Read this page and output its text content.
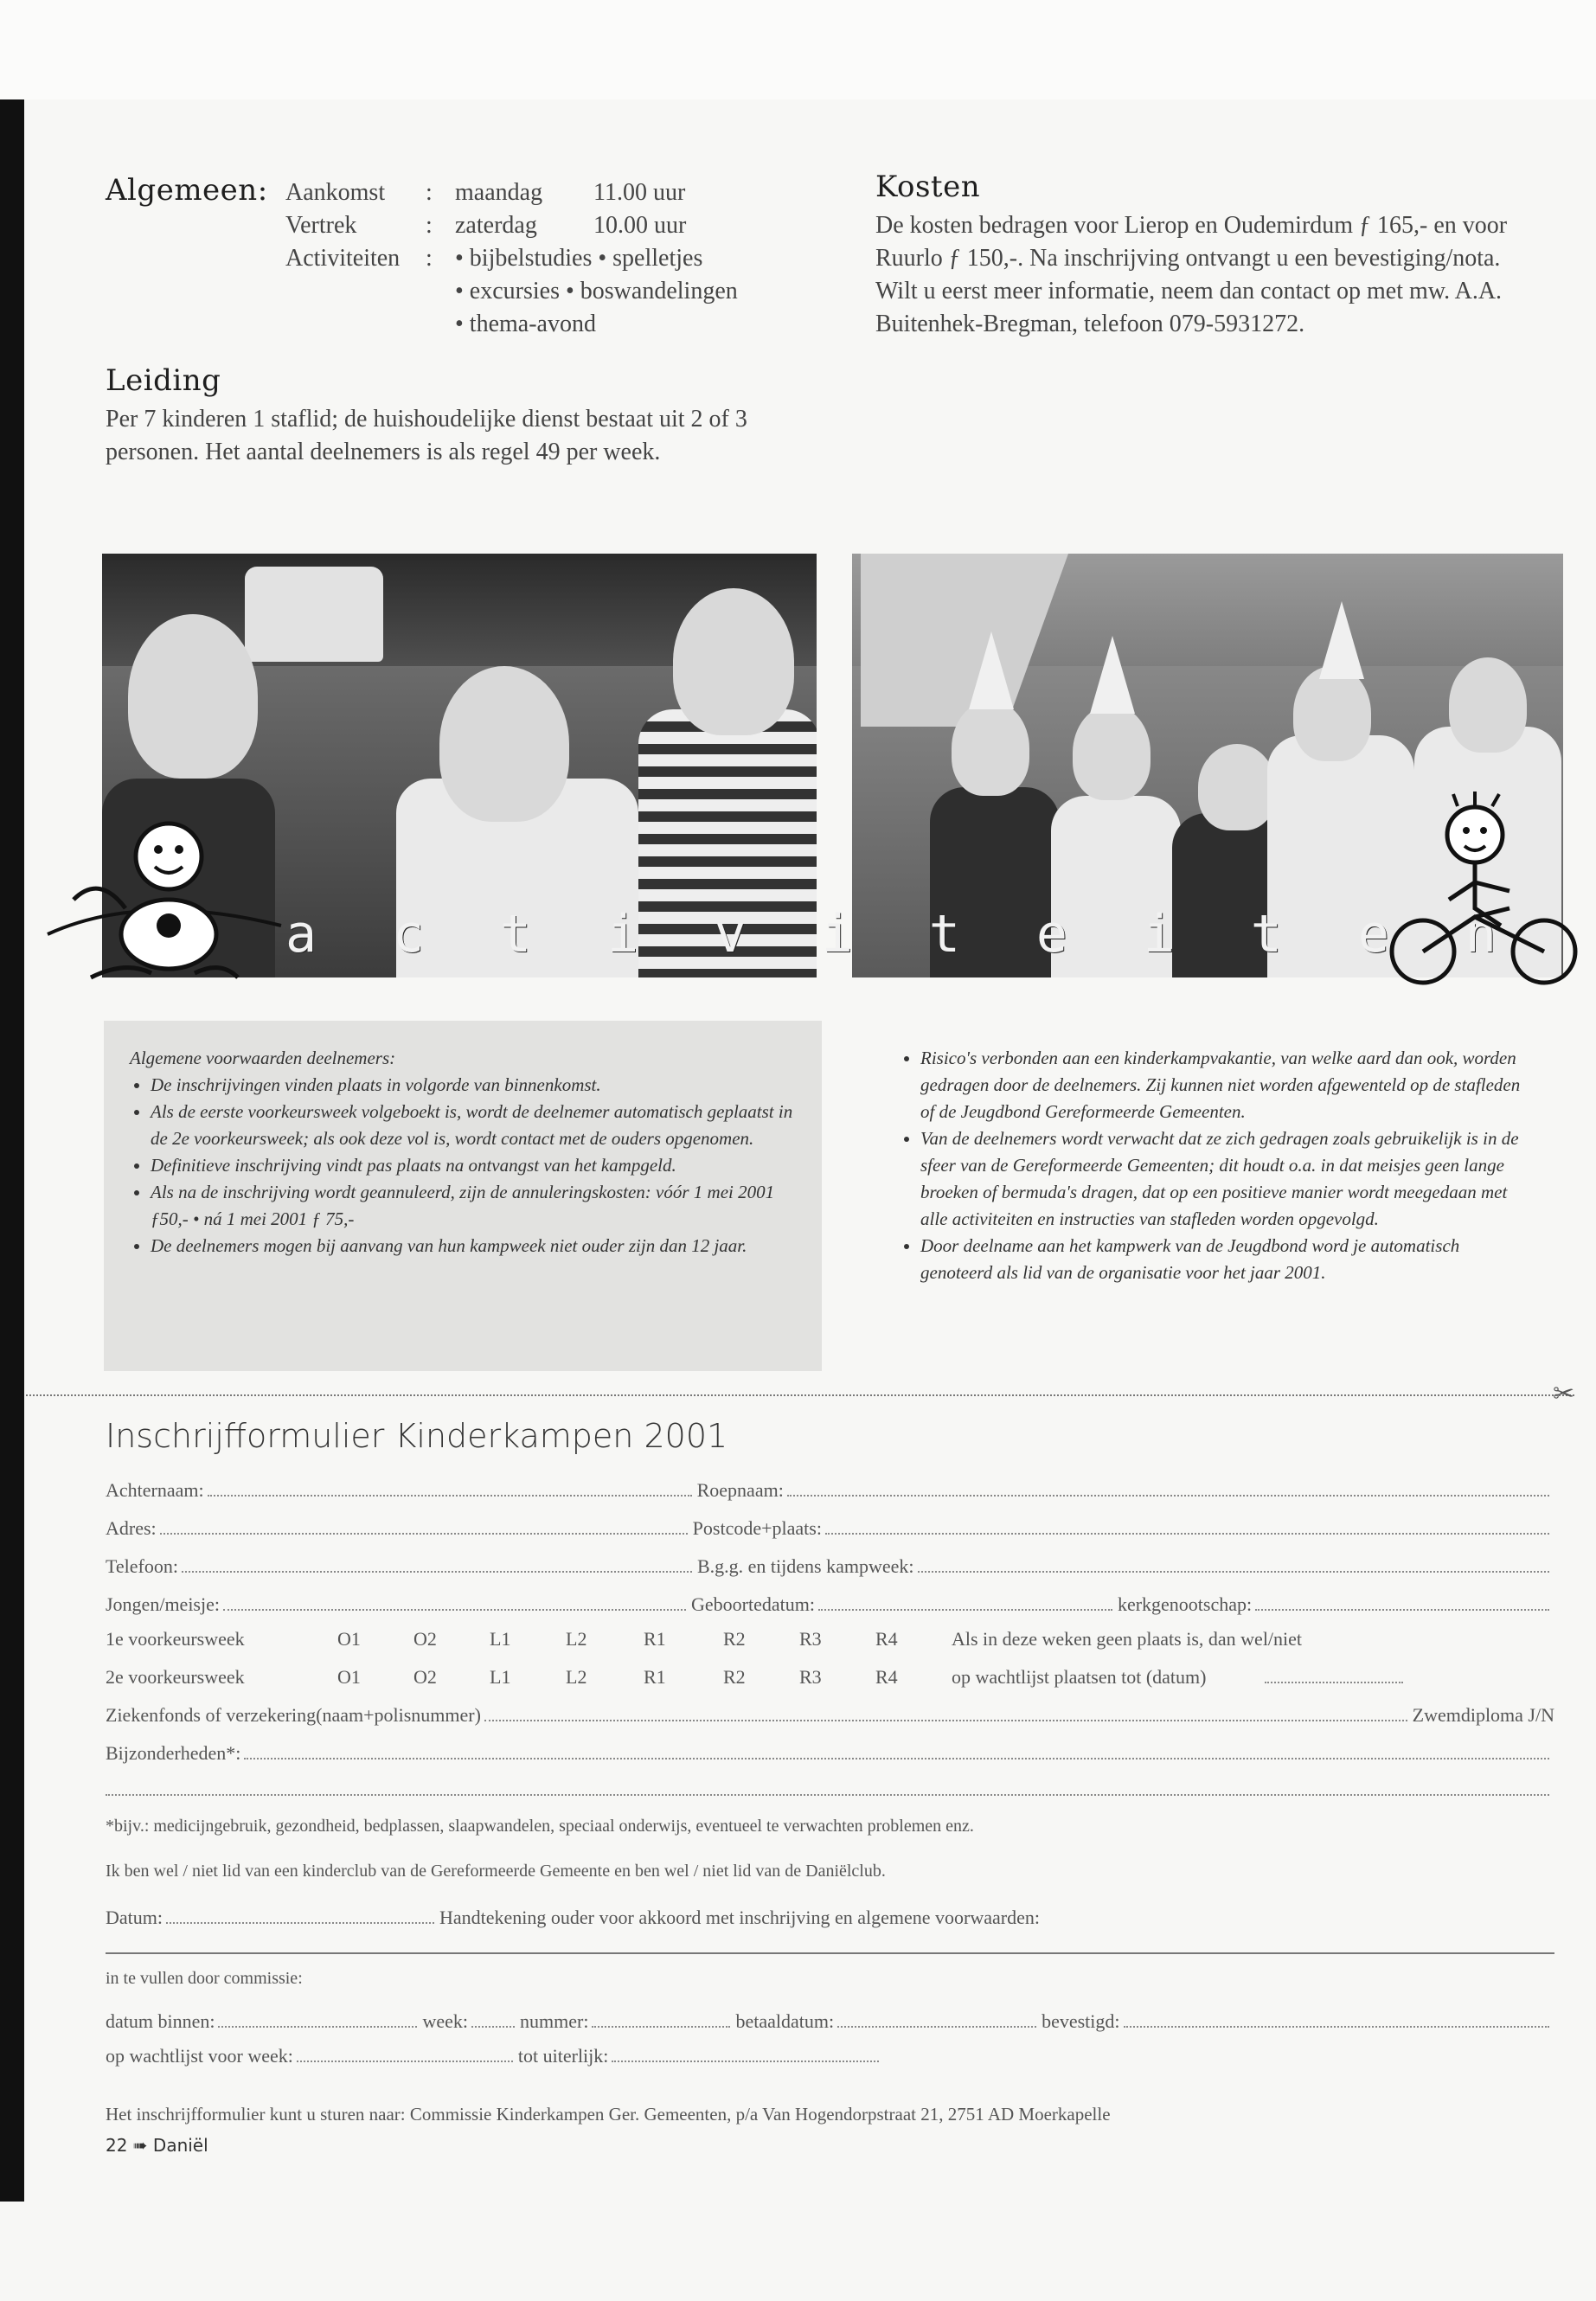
Algemeen: Aankomst	: maandag	11.00 uur
Vertrek	: zaterdag	10.00 uur
Activiteiten	: • bijbelstudies • spelletjes
• excursies • boswandelingen
• thema-avond
Leiding
Per 7 kinderen 1 staflid; de huishoudelijke dienst bestaat uit 2 of 3 personen. Het aantal deelnemers is als regel 49 per week.
Kosten
De kosten bedragen voor Lierop en Oudemirdum ƒ 165,- en voor Ruurlo ƒ 150,-. Na inschrijving ontvangt u een bevestiging/nota.
Wilt u eerst meer informatie, neem dan contact op met mw. A.A. Buitenhek-Bregman, telefoon 079-5931272.
a c t i v i t e i t e n
Algemene voorwaarden deelnemers:
• De inschrijvingen vinden plaats in volgorde van binnenkomst.
• Als de eerste voorkeursweek volgeboekt is, wordt de deelnemer automatisch geplaatst in de 2e voorkeursweek; als ook deze vol is, wordt contact met de ouders opgenomen.
• Definitieve inschrijving vindt pas plaats na ontvangst van het kampgeld.
• Als na de inschrijving wordt geannuleerd, zijn de annuleringskosten: vóór 1 mei 2001 ƒ50,- • ná 1 mei 2001 ƒ 75,-
• De deelnemers mogen bij aanvang van hun kampweek niet ouder zijn dan 12 jaar.
• Risico's verbonden aan een kinderkampvakantie, van welke aard dan ook, worden gedragen door de deelnemers. Zij kunnen niet worden afgewenteld op de stafleden of de Jeugdbond Gereformeerde Gemeenten.
• Van de deelnemers wordt verwacht dat ze zich gedragen zoals gebruikelijk is in de sfeer van de Gereformeerde Gemeenten; dit houdt o.a. in dat meisjes geen lange broeken of bermuda's dragen, dat op een positieve manier wordt meegedaan met alle activiteiten en instructies van stafleden worden opgevolgd.
• Door deelname aan het kampwerk van de Jeugdbond word je automatisch genoteerd als lid van de organisatie voor het jaar 2001.
✂
Inschrijfformulier Kinderkampen 2001
Achternaam:	Roepnaam:
Adres:	Postcode+plaats:
Telefoon:	B.g.g. en tijdens kampweek:
Jongen/meisje:	Geboortedatum:	kerkgenootschap:
1e voorkeursweek	O1	O2	L1	L2	R1	R2	R3	R4	Als in deze weken geen plaats is, dan wel/niet
2e voorkeursweek	O1	O2	L1	L2	R1	R2	R3	R4	op wachtlijst plaatsen tot (datum)
Ziekenfonds of verzekering(naam+polisnummer)	Zwemdiploma J/N
Bijzonderheden*:
*bijv.: medicijngebruik, gezondheid, bedplassen, slaapwandelen, speciaal onderwijs, eventueel te verwachten problemen enz.
Ik ben wel / niet lid van een kinderclub van de Gereformeerde Gemeente en ben wel / niet lid van de Daniëlclub.
Datum:	Handtekening ouder voor akkoord met inschrijving en algemene voorwaarden:
in te vullen door commissie:
datum binnen:	week:	nummer:	betaaldatum:	bevestigd:
op wachtlijst voor week:	tot uiterlijk:
Het inschrijfformulier kunt u sturen naar: Commissie Kinderkampen Ger. Gemeenten, p/a Van Hogendorpstraat 21, 2751 AD Moerkapelle
22 ➠ Daniël
